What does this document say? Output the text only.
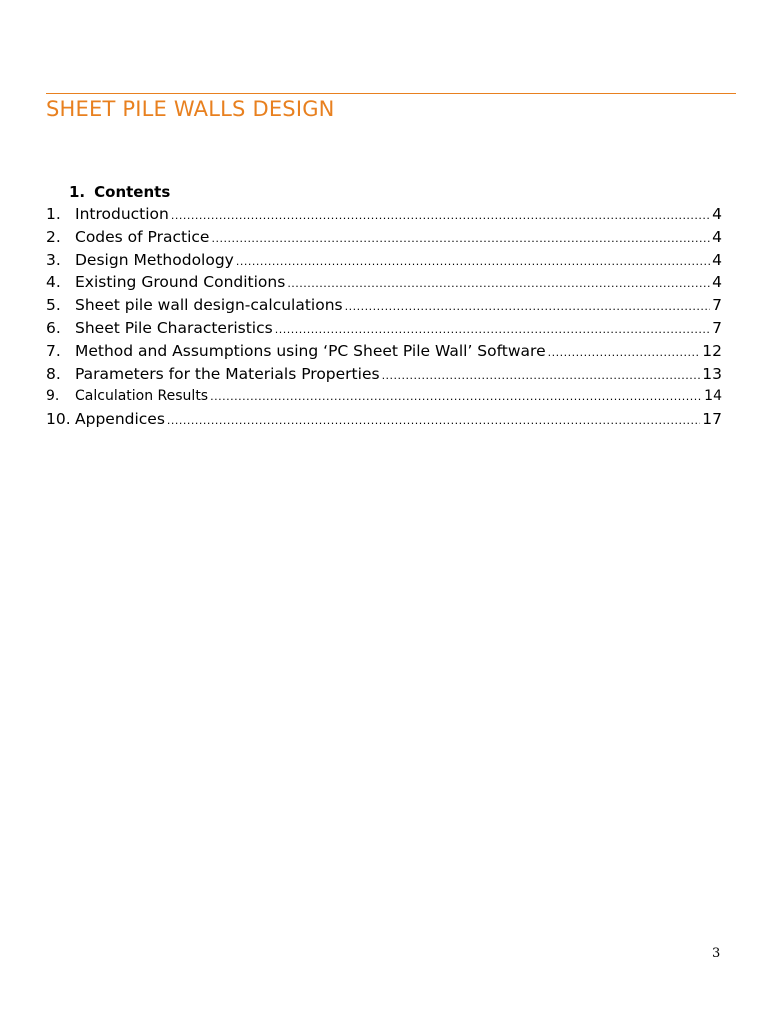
SHEET PILE WALLS DESIGN
1. Contents
1. Introduction .....	4
2. Codes of Practice .....	4
3. Design Methodology .....	4
4. Existing Ground Conditions .....	4
5. Sheet pile wall design-calculations .....	7
6. Sheet Pile Characteristics .....	7
7. Method and Assumptions using ‘PC Sheet Pile Wall’ Software .....	12
8. Parameters for the Materials Properties .....	13
9.	Calculation Results .....	14
10. Appendices .....	17
3
